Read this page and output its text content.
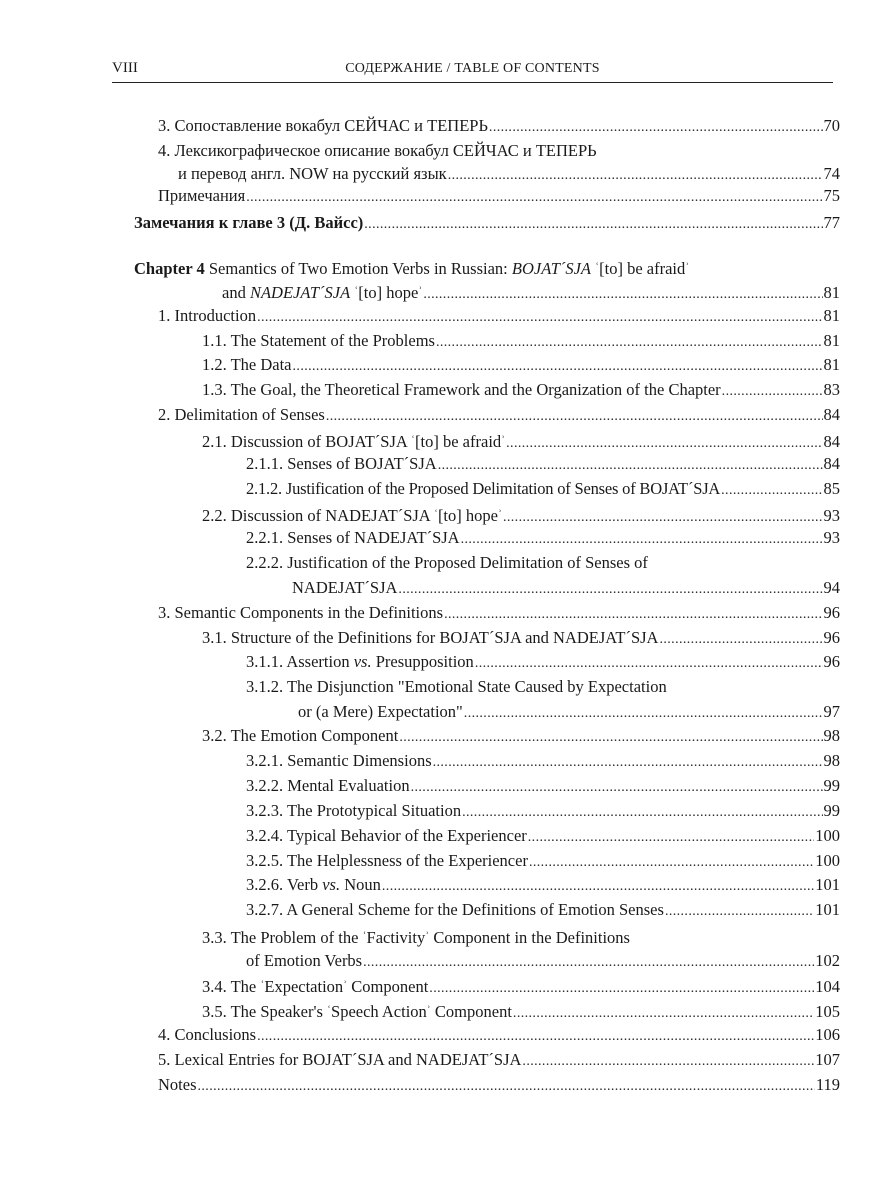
VIII	СОДЕРЖАНИЕ / TABLE OF CONTENTS
3. Сопоставление вокабул СЕЙЧАС и ТЕПЕРЬ .....	70
4. Лексикографическое описание вокабул СЕЙЧАС и ТЕПЕРЬ
и перевод англ. NOW на русский язык .....	74
Примечания .....	75
Замечания к главе 3 (Д. Вайсс) .....	77
Chapter 4 Semantics of Two Emotion Verbs in Russian: BOJAT´SJA ʿ[to] be afraidʾ
and NADEJAT´SJA ʿ[to] hopeʾ .....	81
1. Introduction .....	81
1.1. The Statement of the Problems .....	81
1.2. The Data .....	81
1.3. The Goal, the Theoretical Framework and the Organization of the Chapter .....	83
2. Delimitation of Senses .....	84
2.1. Discussion of BOJAT´SJA ʿ[to] be afraidʾ .....	84
2.1.1. Senses of BOJAT´SJA .....	84
2.1.2. Justification of the Proposed Delimitation of Senses of BOJAT´SJA .....	85
2.2. Discussion of NADEJAT´SJA ʿ[to] hopeʾ .....	93
2.2.1. Senses of NADEJAT´SJA .....	93
2.2.2. Justification of the Proposed Delimitation of Senses of
NADEJAT´SJA .....	94
3. Semantic Components in the Definitions .....	96
3.1. Structure of the Definitions for BOJAT´SJA and NADEJAT´SJA .....	96
3.1.1. Assertion vs. Presupposition .....	96
3.1.2. The Disjunction "Emotional State Caused by Expectation
or (a Mere) Expectation" .....	97
3.2. The Emotion Component .....	98
3.2.1. Semantic Dimensions .....	98
3.2.2. Mental Evaluation .....	99
3.2.3. The Prototypical Situation .....	99
3.2.4. Typical Behavior of the Experiencer .....	100
3.2.5. The Helplessness of the Experiencer .....	100
3.2.6. Verb vs. Noun .....	101
3.2.7. A General Scheme for the Definitions of Emotion Senses .....	101
3.3. The Problem of the ʿFactivityʾ Component in the Definitions
of Emotion Verbs .....	102
3.4. The ʿExpectationʾ Component .....	104
3.5. The Speaker's ʿSpeech Actionʾ Component .....	105
4. Conclusions .....	106
5. Lexical Entries for BOJAT´SJA and NADEJAT´SJA .....	107
Notes .....	119
